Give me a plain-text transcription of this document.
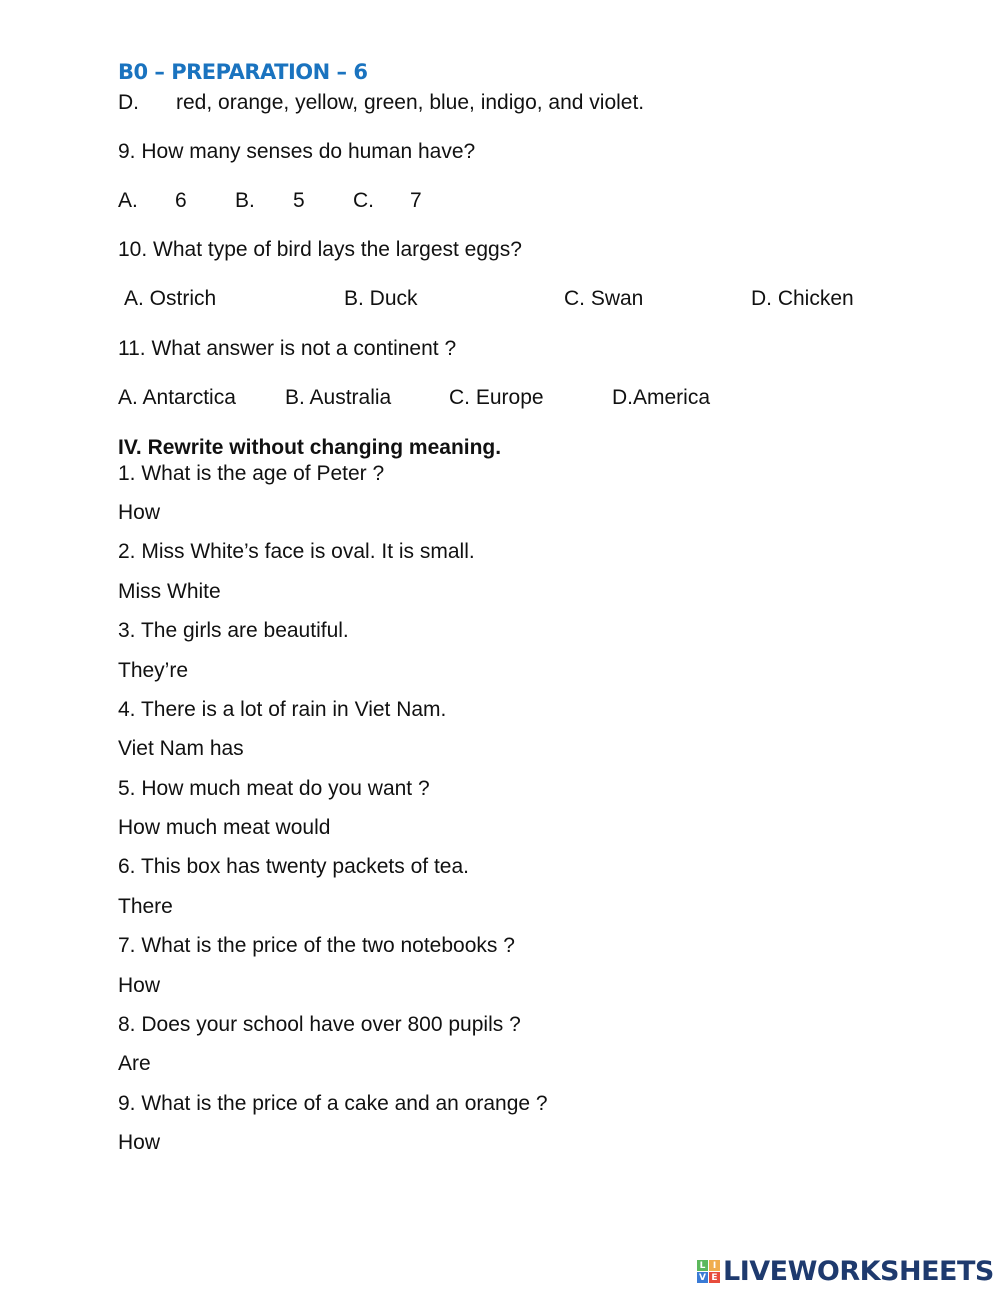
B0 – PREPARATION – 6
D. red, orange, yellow, green, blue, indigo, and violet.
9. How many senses do human have?
A. 6 B. 5 C. 7
10. What type of bird lays the largest eggs?
A. Ostrich	B. Duck	C. Swan	D. Chicken
11. What answer is not a continent ?
A. Antarctica B. Australia	C. Europe	D.America
IV. Rewrite without changing meaning.
1. What is the age of Peter ?
How
2. Miss White’s face is oval. It is small.
Miss White
3. The girls are beautiful.
They’re
4. There is a lot of rain in Viet Nam.
Viet Nam has
5. How much meat do you want ?
How much meat would
6. This box has twenty packets of tea.
There
7. What is the price of the two notebooks ?
How
8. Does your school have over 800 pupils ?
Are
9. What is the price of a cake and an orange ?
How
L I
V E LIVEWORKSHEETS
